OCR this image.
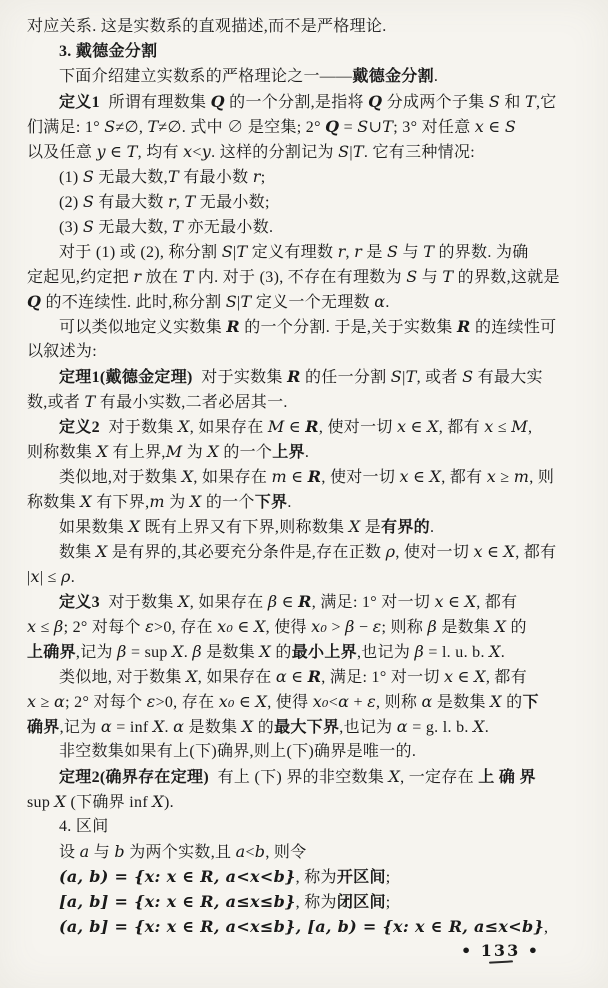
对应关系. 这是实数系的直观描述,而不是严格理论.
3. 戴德金分割
下面介绍建立实数系的严格理论之一——戴德金分割.
定义1  所谓有理数集 Q 的一个分割,是指将 Q 分成两个子集 S 和 T,它
们满足: 1° S≠∅, T≠∅. 式中 ∅ 是空集; 2° Q = S∪T; 3° 对任意 x ∈ S
以及任意 y ∈ T, 均有 x<y. 这样的分割记为 S|T. 它有三种情况:
(1) S 无最大数,T 有最小数 r;
(2) S 有最大数 r, T 无最小数;
(3) S 无最大数, T 亦无最小数.
对于 (1) 或 (2), 称分割 S|T 定义有理数 r, r 是 S 与 T 的界数. 为确
定起见,约定把 r 放在 T 内. 对于 (3), 不存在有理数为 S 与 T 的界数,这就是
Q 的不连续性. 此时,称分割 S|T 定义一个无理数 α.
可以类似地定义实数集 R 的一个分割. 于是,关于实数集 R 的连续性可
以叙述为:
定理1(戴德金定理)  对于实数集 R 的任一分割 S|T, 或者 S 有最大实
数,或者 T 有最小实数,二者必居其一.
定义2  对于数集 X, 如果存在 M ∈ R, 使对一切 x ∈ X, 都有 x ≤ M,
则称数集 X 有上界,M 为 X 的一个上界.
类似地,对于数集 X, 如果存在 m ∈ R, 使对一切 x ∈ X, 都有 x ≥ m, 则
称数集 X 有下界,m 为 X 的一个下界.
如果数集 X 既有上界又有下界,则称数集 X 是有界的.
数集 X 是有界的,其必要充分条件是,存在正数 ρ, 使对一切 x ∈ X, 都有
|x| ≤ ρ.
定义3  对于数集 X, 如果存在 β ∈ R, 满足: 1° 对一切 x ∈ X, 都有
x ≤ β; 2° 对每个 ε>0, 存在 x₀ ∈ X, 使得 x₀ > β − ε; 则称 β 是数集 X 的
上确界,记为 β = sup X. β 是数集 X 的最小上界,也记为 β = l. u. b. X.
类似地, 对于数集 X, 如果存在 α ∈ R, 满足: 1° 对一切 x ∈ X, 都有
x ≥ α; 2° 对每个 ε>0, 存在 x₀ ∈ X, 使得 x₀<α + ε, 则称 α 是数集 X 的下
确界,记为 α = inf X. α 是数集 X 的最大下界,也记为 α = g. l. b. X.
非空数集如果有上(下)确界,则上(下)确界是唯一的.
定理2(确界存在定理)  有上 (下) 界的非空数集 X, 一定存在 上 确 界
sup X (下确界 inf X).
4. 区间
设 a 与 b 为两个实数,且 a<b, 则令
(a, b) = {x: x ∈ R, a<x<b}, 称为开区间;
[a, b] = {x: x ∈ R, a≤x≤b}, 称为闭区间;
(a, b] = {x: x ∈ R, a<x≤b}, [a, b) = {x: x ∈ R, a≤x<b},
• 133 •
